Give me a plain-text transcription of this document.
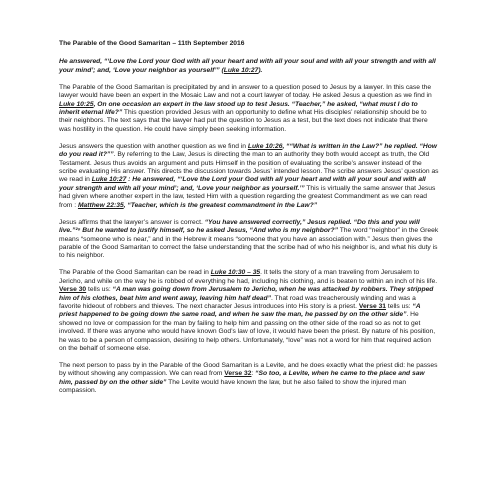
The Parable of the Good Samaritan – 11th September 2016

He answered, “‘Love the Lord your God with all your heart and with all your soul and with all your strength and with all your mind’; and, ‘Love your neighbor as yourself’” (Luke 10:27).

The Parable of the Good Samaritan is precipitated by and in answer to a question posed to Jesus by a lawyer. In this case the lawyer would have been an expert in the Mosaic Law and not a court lawyer of today. He asked Jesus a question as we find in Luke 10:25, On one occasion an expert in the law stood up to test Jesus. “Teacher,” he asked, “what must I do to inherit eternal life?” This question provided Jesus with an opportunity to define what His disciples’ relationship should be to their neighbors. The text says that the lawyer had put the question to Jesus as a test, but the text does not indicate that there was hostility in the question. He could have simply been seeking information.

Jesus answers the question with another question as we find in Luke 10:26, ““What is written in the Law?” he replied. “How do you read it?””. By referring to the Law, Jesus is directing the man to an authority they both would accept as truth, the Old Testament. Jesus thus avoids an argument and puts Himself in the position of evaluating the scribe’s answer instead of the scribe evaluating His answer. This directs the discussion towards Jesus’ intended lesson. The scribe answers Jesus’ question as we read in Luke 10:27 : He answered, “‘Love the Lord your God with all your heart and with all your soul and with all your strength and with all your mind’; and, ‘Love your neighbor as yourself.’” This is virtually the same answer that Jesus had given where another expert in the law, tested Him with a question regarding the greatest Commandment as we can read from : Matthew 22:35, “Teacher, which is the greatest commandment in the Law?”

Jesus affirms that the lawyer’s answer is correct. “You have answered correctly,” Jesus replied. “Do this and you will live.”²⁹ But he wanted to justify himself, so he asked Jesus, “And who is my neighbor?” The word “neighbor” in the Greek means “someone who is near,” and in the Hebrew it means “someone that you have an association with.” Jesus then gives the parable of the Good Samaritan to correct the false understanding that the scribe had of who his neighbor is, and what his duty is to his neighbor.

The Parable of the Good Samaritan can be read in Luke 10:30 – 35. It tells the story of a man traveling from Jerusalem to Jericho, and while on the way he is robbed of everything he had, including his clothing, and is beaten to within an inch of his life. Verse 30 tells us: “A man was going down from Jerusalem to Jericho, when he was attacked by robbers. They stripped him of his clothes, beat him and went away, leaving him half dead”. That road was treacherously winding and was a favorite hideout of robbers and thieves. The next character Jesus introduces into His story is a priest. Verse 31 tells us: “A priest happened to be going down the same road, and when he saw the man, he passed by on the other side”. He showed no love or compassion for the man by failing to help him and passing on the other side of the road so as not to get involved. If there was anyone who would have known God’s law of love, it would have been the priest. By nature of his position, he was to be a person of compassion, desiring to help others. Unfortunately, “love” was not a word for him that required action on the behalf of someone else.

The next person to pass by in the Parable of the Good Samaritan is a Levite, and he does exactly what the priest did: he passes by without showing any compassion. We can read from Verse 32: “So too, a Levite, when he came to the place and saw him, passed by on the other side” The Levite would have known the law, but he also failed to show the injured man compassion.
